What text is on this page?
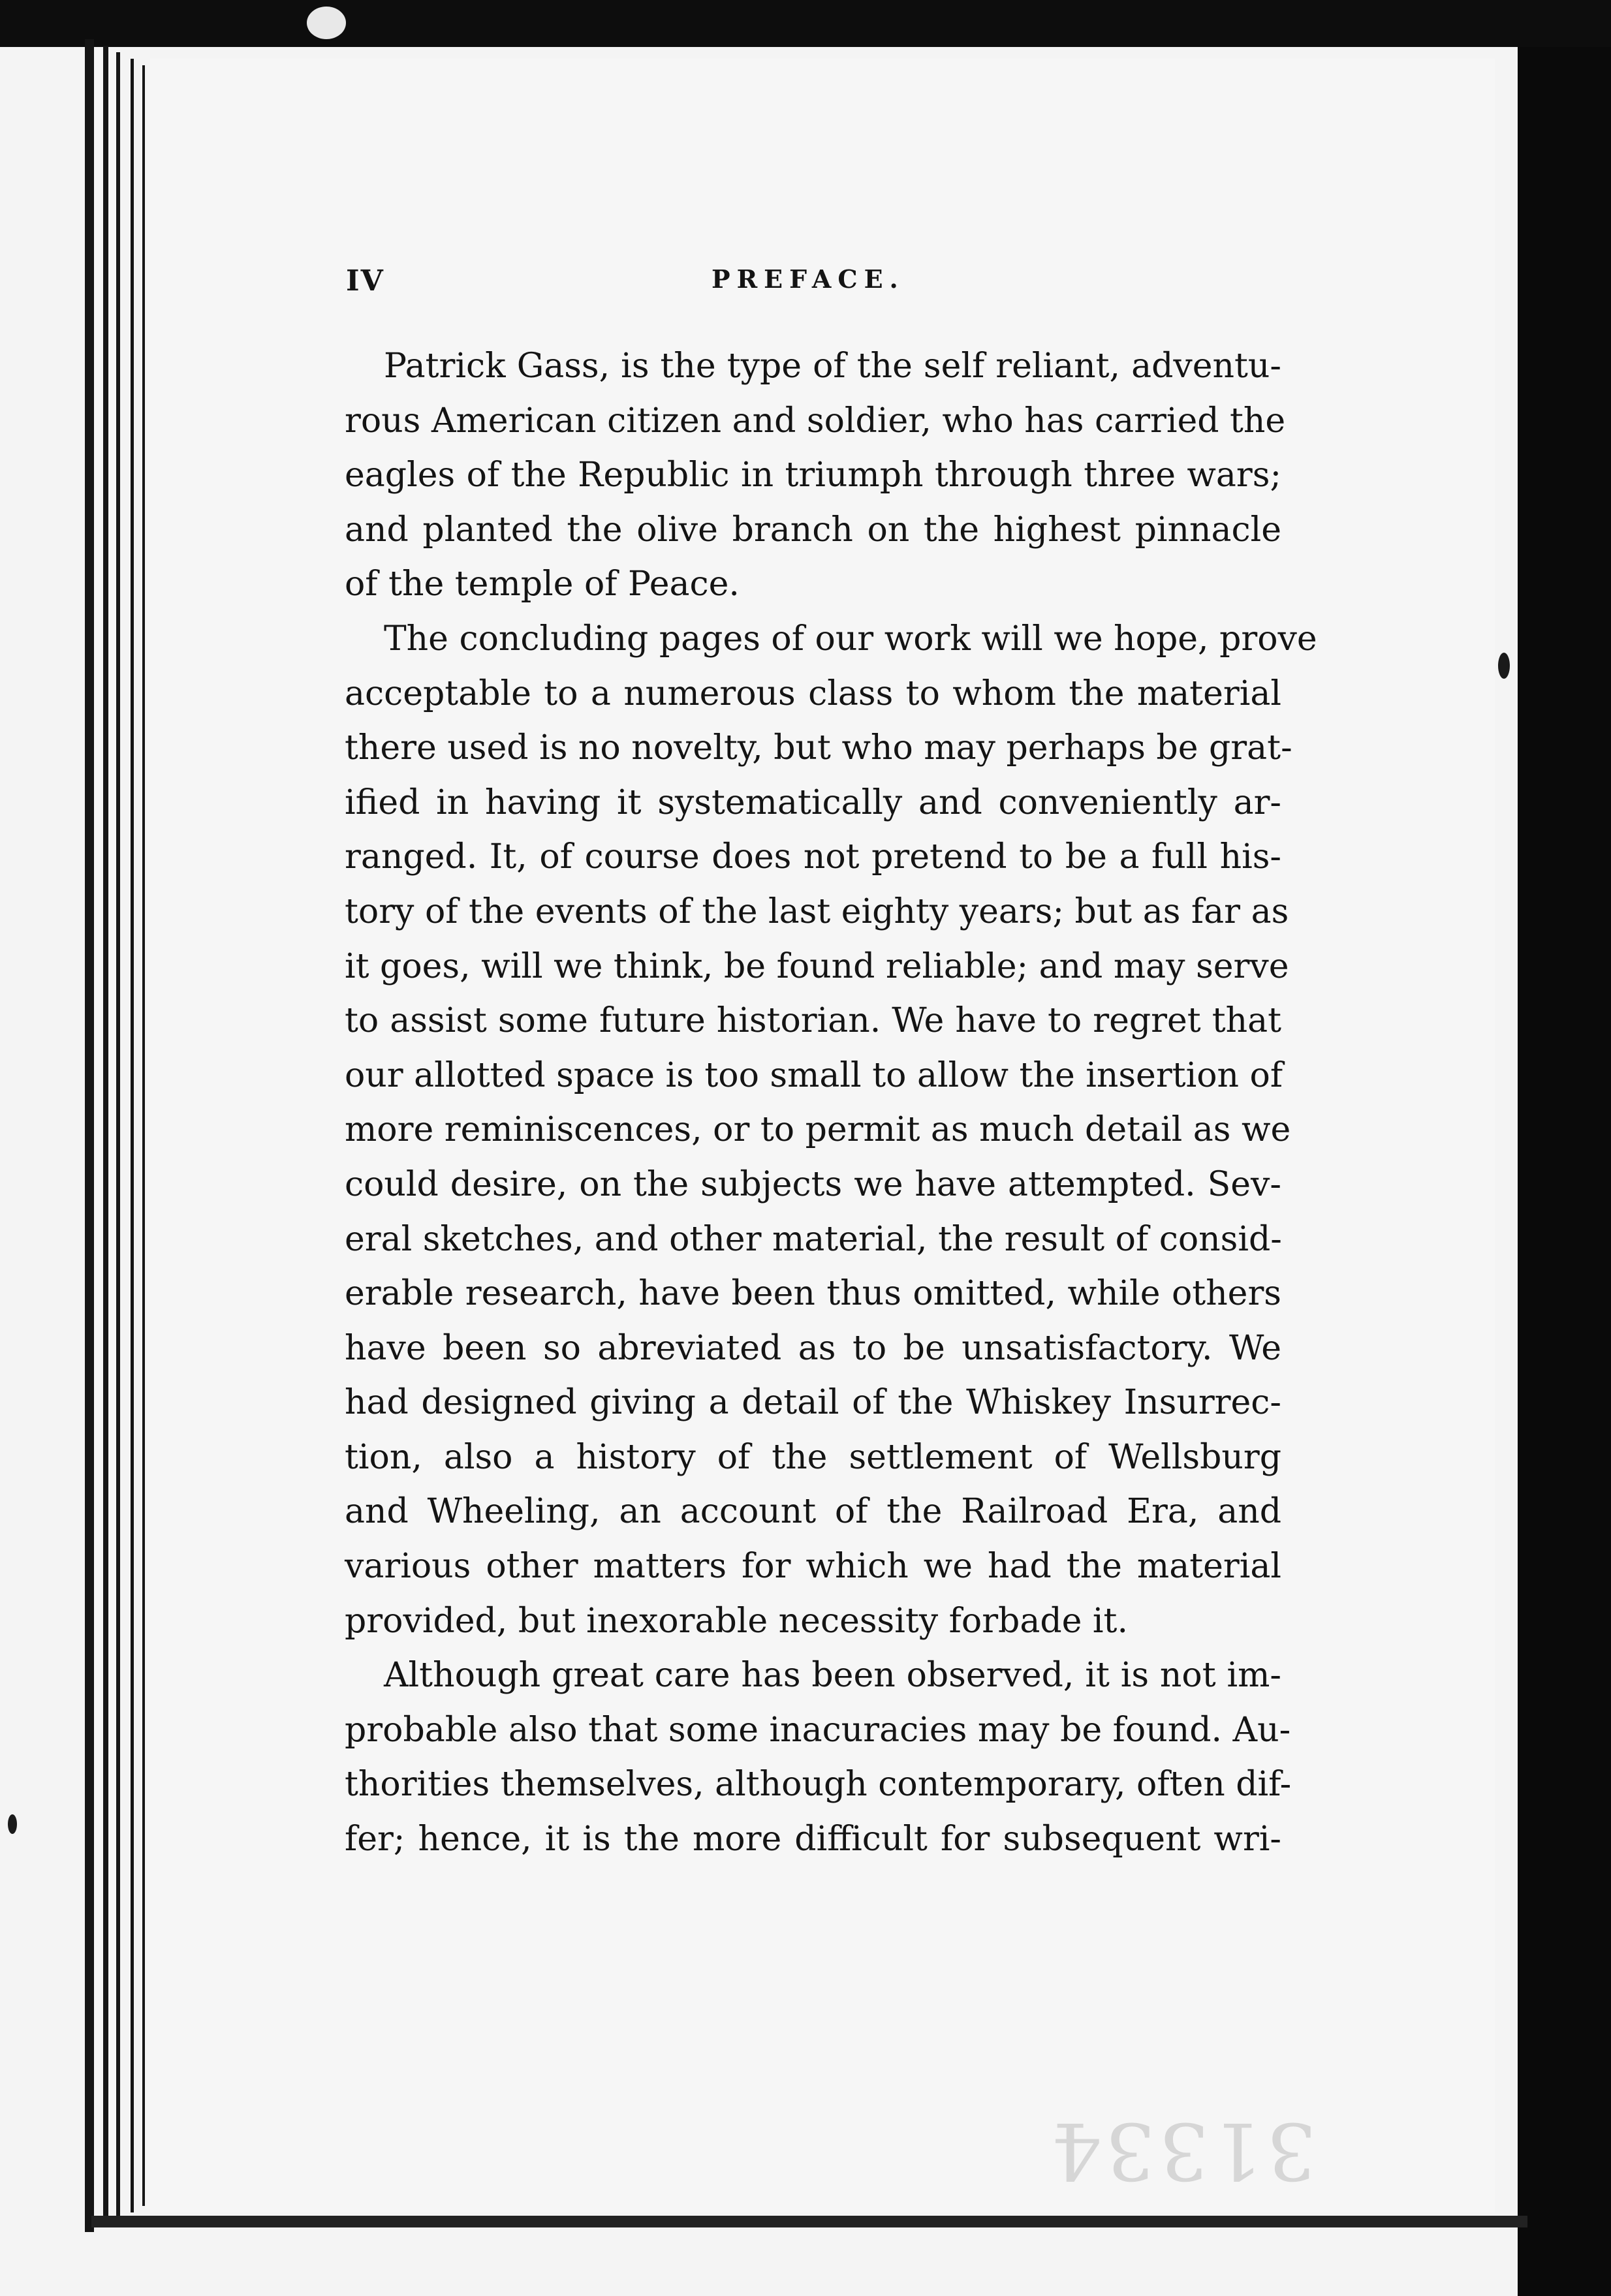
IV	PREFACE.

Patrick Gass, is the type of the self reliant, adventu-
rous American citizen and soldier, who has carried the
eagles of the Republic in triumph through three wars;
and planted the olive branch on the highest pinnacle
of the temple of Peace.

The concluding pages of our work will we hope, prove
acceptable to a numerous class to whom the material
there used is no novelty, but who may perhaps be grat-
ified in having it systematically and conveniently ar-
ranged. It, of course does not pretend to be a full his-
tory of the events of the last eighty years; but as far as
it goes, will we think, be found reliable; and may serve
to assist some future historian. We have to regret that
our allotted space is too small to allow the insertion of
more reminiscences, or to permit as much detail as we
could desire, on the subjects we have attempted. Sev-
eral sketches, and other material, the result of consid-
erable research, have been thus omitted, while others
have been so abreviated as to be unsatisfactory. We
had designed giving a detail of the Whiskey Insurrec-
tion, also a history of the settlement of Wellsburg
and Wheeling, an account of the Railroad Era, and
various other matters for which we had the material
provided, but inexorable necessity forbade it.

Although great care has been observed, it is not im-
probable also that some inacuracies may be found. Au-
thorities themselves, although contemporary, often dif-
fer; hence, it is the more difficult for subsequent wri-

31334
